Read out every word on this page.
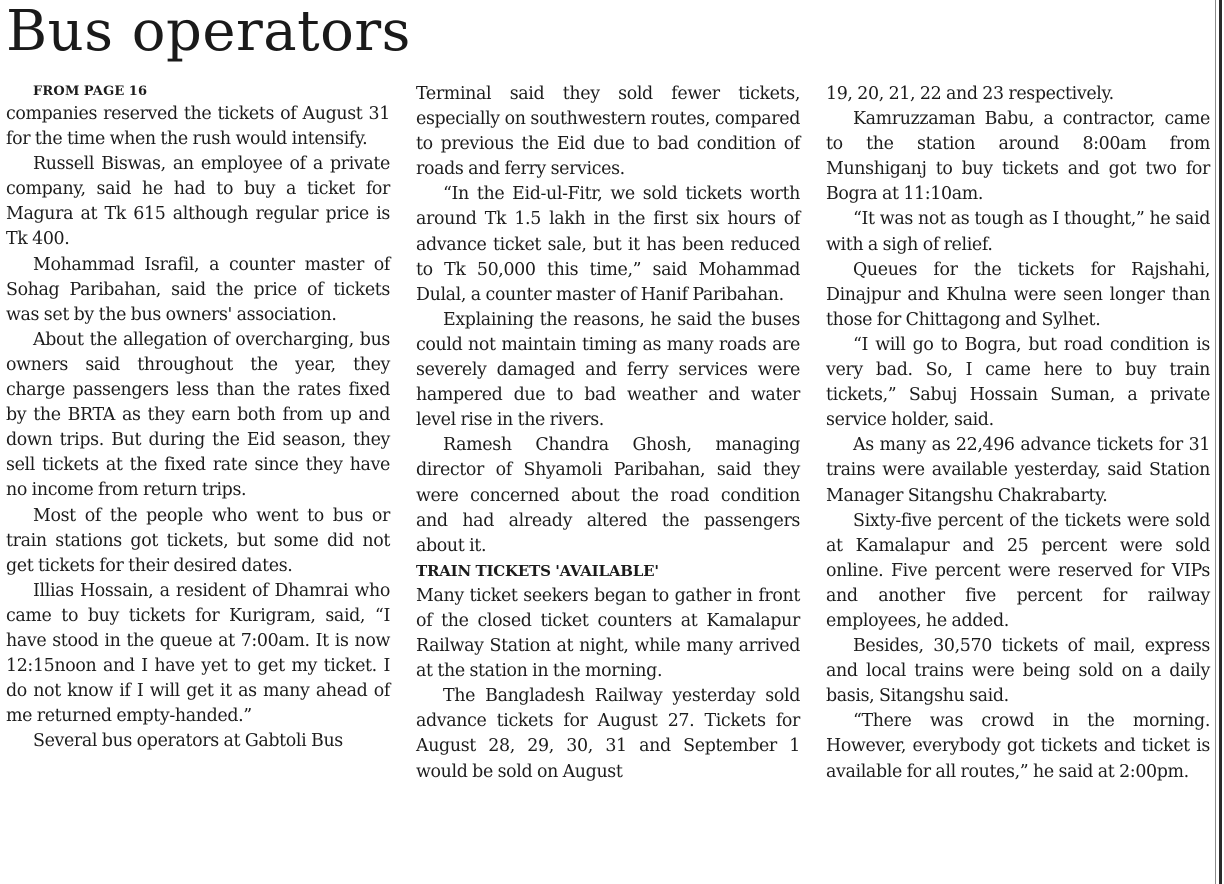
Bus operators

FROM PAGE 16

companies reserved the tickets of August 31 for the time when the rush would intensify.

Russell Biswas, an employee of a private company, said he had to buy a ticket for Magura at Tk 615 although regular price is Tk 400.

Mohammad Israfil, a counter master of Sohag Paribahan, said the price of tickets was set by the bus owners' association.

About the allegation of overcharging, bus owners said throughout the year, they charge passengers less than the rates fixed by the BRTA as they earn both from up and down trips. But during the Eid season, they sell tickets at the fixed rate since they have no income from return trips.

Most of the people who went to bus or train stations got tickets, but some did not get tickets for their desired dates.

Illias Hossain, a resident of Dhamrai who came to buy tickets for Kurigram, said, “I have stood in the queue at 7:00am. It is now 12:15noon and I have yet to get my ticket. I do not know if I will get it as many ahead of me returned empty-handed.”

Several bus operators at Gabtoli Bus

Terminal said they sold fewer tickets, especially on southwestern routes, compared to previous the Eid due to bad condition of roads and ferry services.

“In the Eid-ul-Fitr, we sold tickets worth around Tk 1.5 lakh in the first six hours of advance ticket sale, but it has been reduced to Tk 50,000 this time,” said Mohammad Dulal, a counter master of Hanif Paribahan.

Explaining the reasons, he said the buses could not maintain timing as many roads are severely damaged and ferry services were hampered due to bad weather and water level rise in the rivers.

Ramesh Chandra Ghosh, managing director of Shyamoli Paribahan, said they were concerned about the road condition and had already altered the passengers about it.

TRAIN TICKETS 'AVAILABLE'

Many ticket seekers began to gather in front of the closed ticket counters at Kamalapur Railway Station at night, while many arrived at the station in the morning.

The Bangladesh Railway yesterday sold advance tickets for August 27. Tickets for August 28, 29, 30, 31 and September 1 would be sold on August

19, 20, 21, 22 and 23 respectively.

Kamruzzaman Babu, a contractor, came to the station around 8:00am from Munshiganj to buy tickets and got two for Bogra at 11:10am.

“It was not as tough as I thought,” he said with a sigh of relief.

Queues for the tickets for Rajshahi, Dinajpur and Khulna were seen longer than those for Chittagong and Sylhet.

“I will go to Bogra, but road condition is very bad. So, I came here to buy train tickets,” Sabuj Hossain Suman, a private service holder, said.

As many as 22,496 advance tickets for 31 trains were available yesterday, said Station Manager Sitangshu Chakrabarty.

Sixty-five percent of the tickets were sold at Kamalapur and 25 percent were sold online. Five percent were reserved for VIPs and another five percent for railway employees, he added.

Besides, 30,570 tickets of mail, express and local trains were being sold on a daily basis, Sitangshu said.

“There was crowd in the morning. However, everybody got tickets and ticket is available for all routes,” he said at 2:00pm.
